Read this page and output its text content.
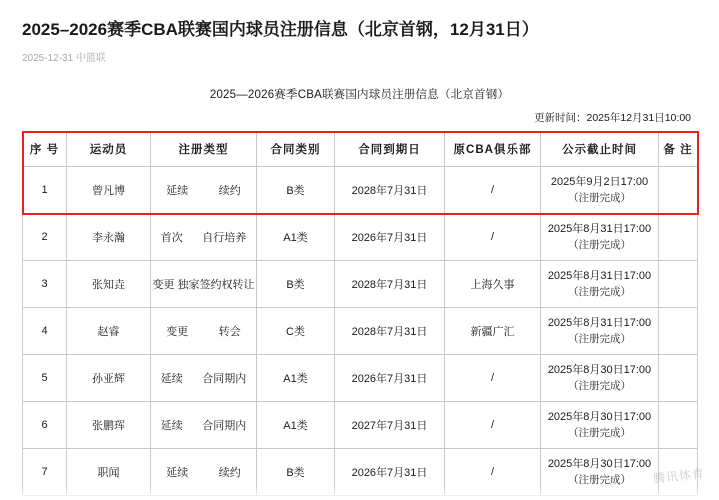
2025–2026赛季CBA联赛国内球员注册信息（北京首钢，12月31日）
2025-12-31 中篮联
2025—2026赛季CBA联赛国内球员注册信息（北京首钢）
更新时间：2025年12月31日10:00
序 号	运动员	注册类型	合同类别	合同到期日	原CBA俱乐部	公示截止时间	备 注
1	曾凡博	延续 续约	B类	2028年7月31日	/	2025年9月2日17:00
（注册完成）	

2	李永瀚	首次 自行培养	A1类	2026年7月31日	/	2025年8月31日17:00
（注册完成）	

3	张知垚	变更 独家签约权转让	B类	2028年7月31日	上海久事	2025年8月31日17:00
（注册完成）	

4	赵睿	变更 转会	C类	2028年7月31日	新疆广汇	2025年8月31日17:00
（注册完成）	

5	孙亚辉	延续 合同期内	A1类	2026年7月31日	/	2025年8月30日17:00
（注册完成）	

6	张鹏珲	延续 合同期内	A1类	2027年7月31日	/	2025年8月30日17:00
（注册完成）	

7	职闻	延续 续约	B类	2026年7月31日	/	2025年8月30日17:00
（注册完成）	
	腾讯体育
